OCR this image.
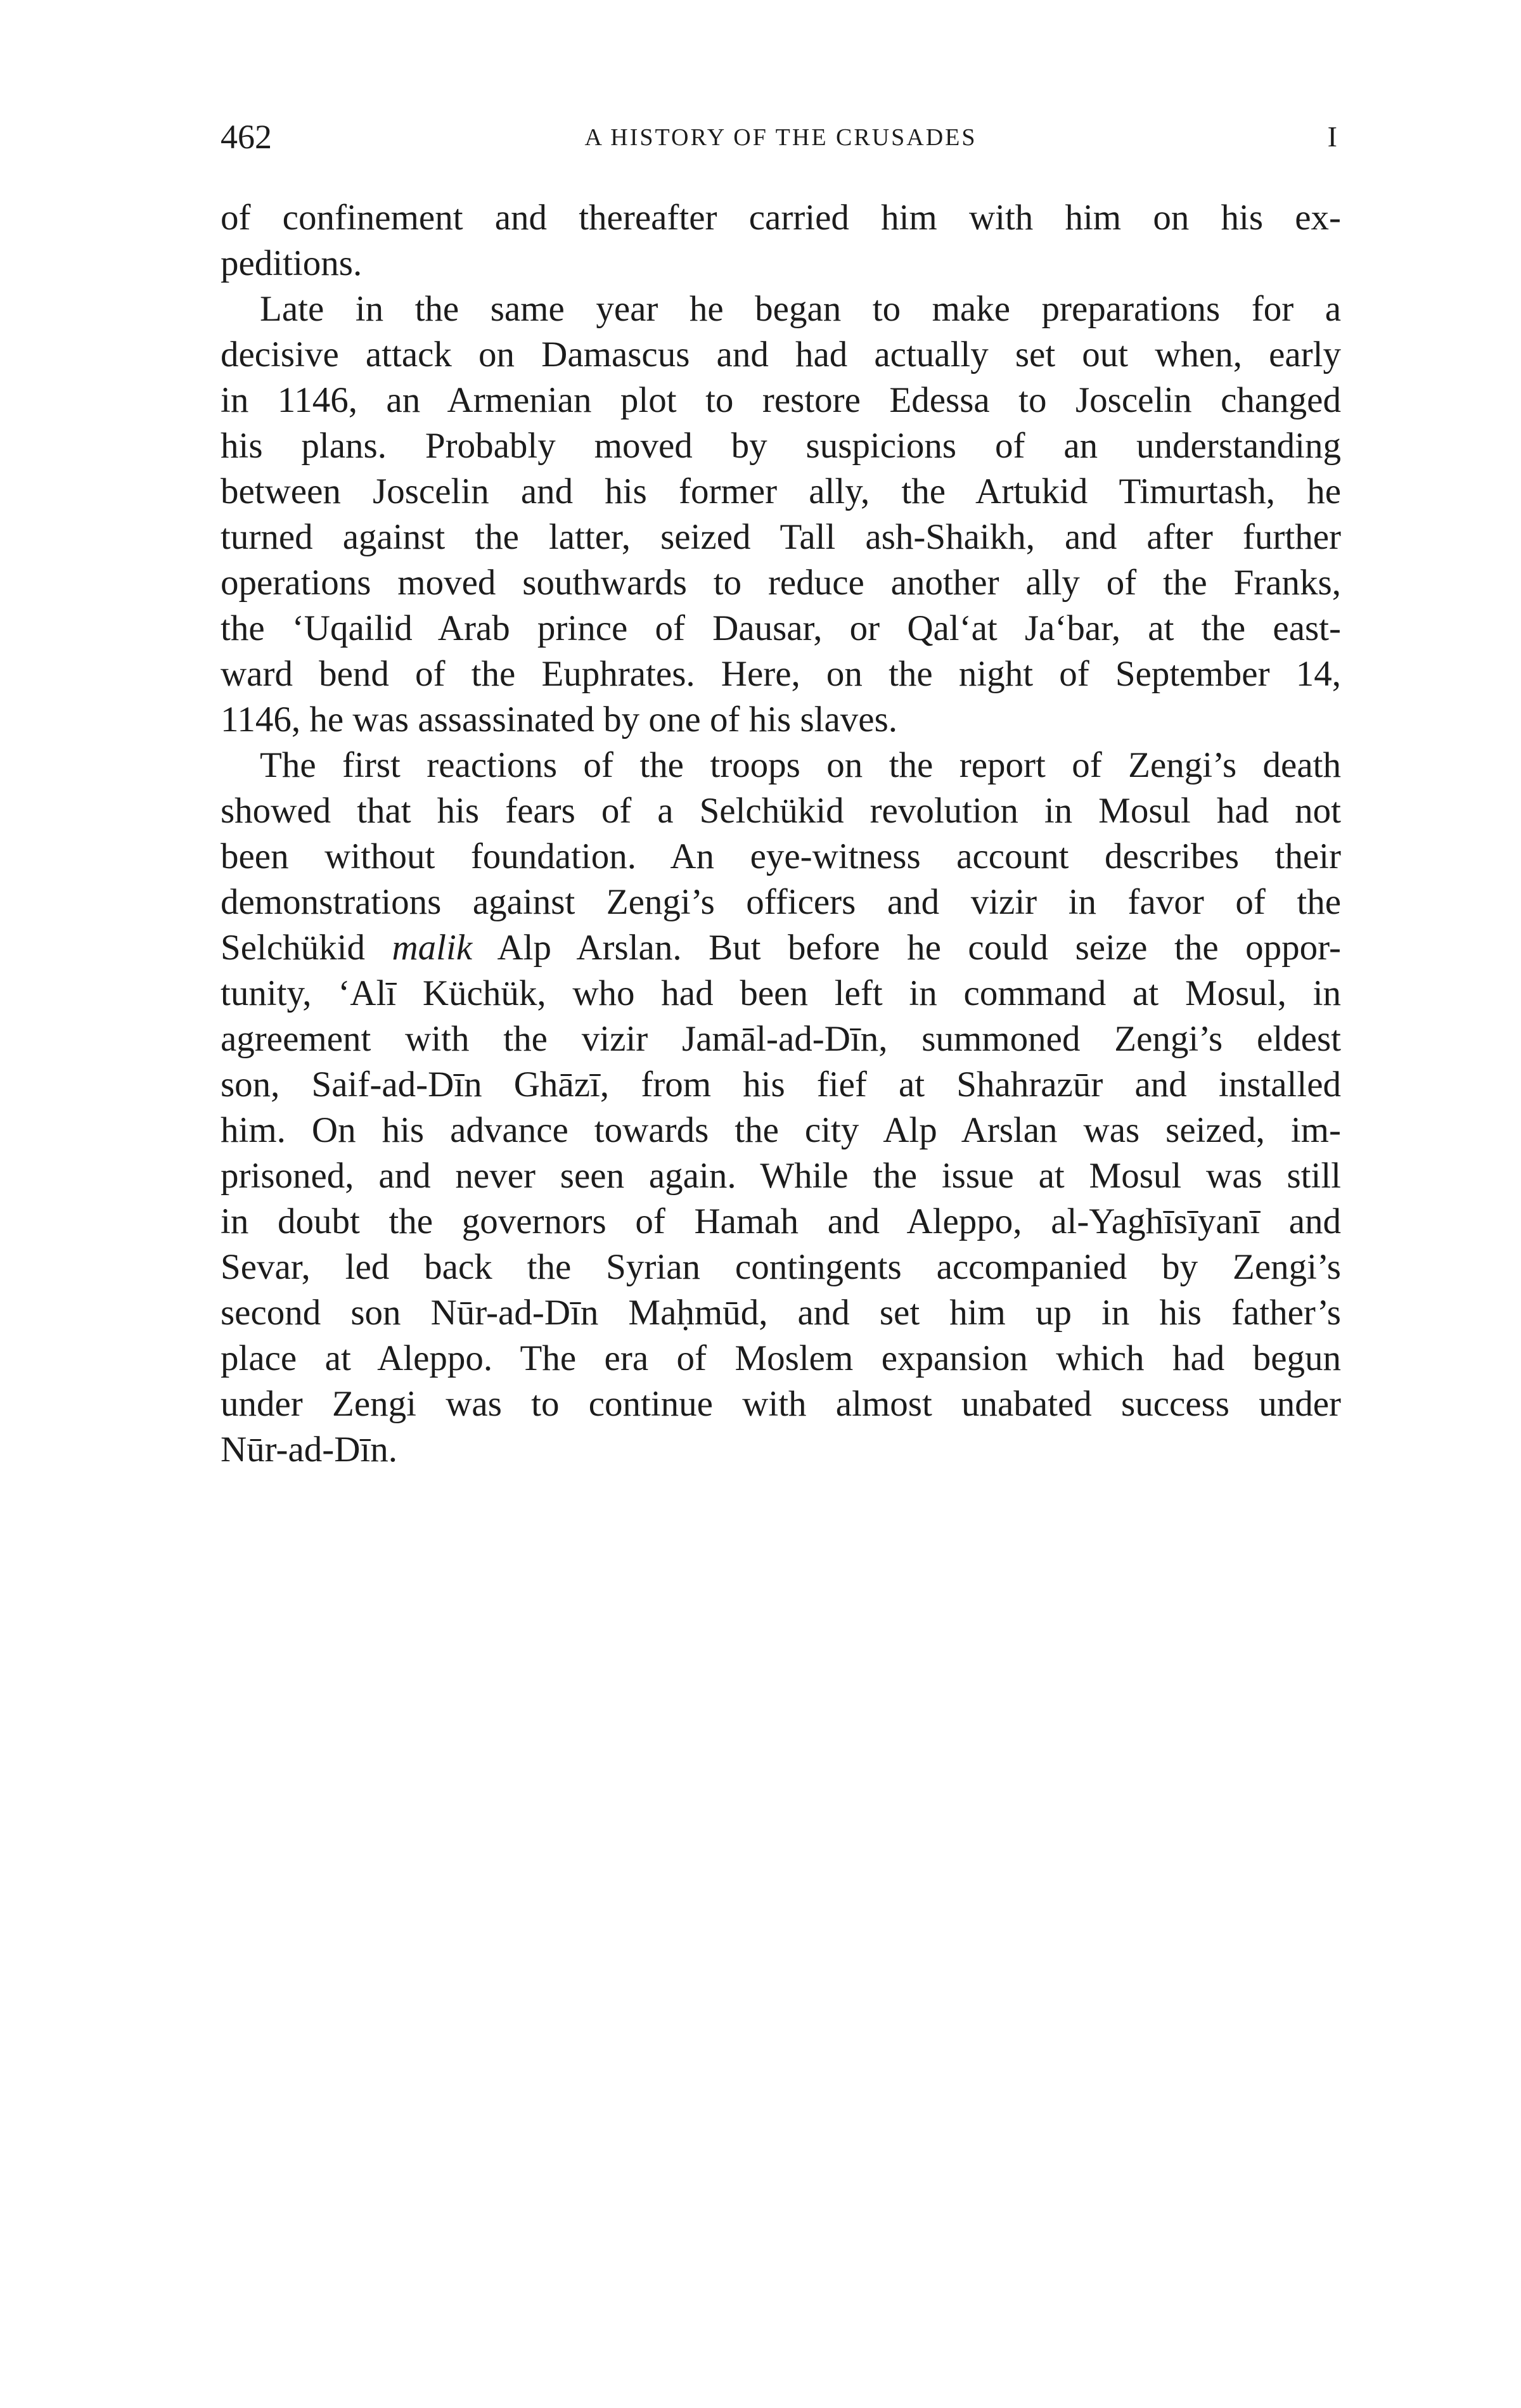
462	A HISTORY OF THE CRUSADES	I

of confinement and thereafter carried him with him on his ex-
peditions.

Late in the same year he began to make preparations for a
decisive attack on Damascus and had actually set out when, early
in 1146, an Armenian plot to restore Edessa to Joscelin changed
his plans. Probably moved by suspicions of an understanding
between Joscelin and his former ally, the Artukid Timurtash, he
turned against the latter, seized Tall ash-Shaikh, and after further
operations moved southwards to reduce another ally of the Franks,
the ‘Uqailid Arab prince of Dausar, or Qal‘at Ja‘bar, at the east-
ward bend of the Euphrates. Here, on the night of September 14,
1146, he was assassinated by one of his slaves.

The first reactions of the troops on the report of Zengi’s death
showed that his fears of a Selchükid revolution in Mosul had not
been without foundation. An eye-witness account describes their
demonstrations against Zengi’s officers and vizir in favor of the
Selchükid malik Alp Arslan. But before he could seize the oppor-
tunity, ‘Alī Küchük, who had been left in command at Mosul, in
agreement with the vizir Jamāl-ad-Dīn, summoned Zengi’s eldest
son, Saif-ad-Dīn Ghāzī, from his fief at Shahrazūr and installed
him. On his advance towards the city Alp Arslan was seized, im-
prisoned, and never seen again. While the issue at Mosul was still
in doubt the governors of Hamah and Aleppo, al-Yaghīsīyanī and
Sevar, led back the Syrian contingents accompanied by Zengi’s
second son Nūr-ad-Dīn Maḥmūd, and set him up in his father’s
place at Aleppo. The era of Moslem expansion which had begun
under Zengi was to continue with almost unabated success under
Nūr-ad-Dīn.
